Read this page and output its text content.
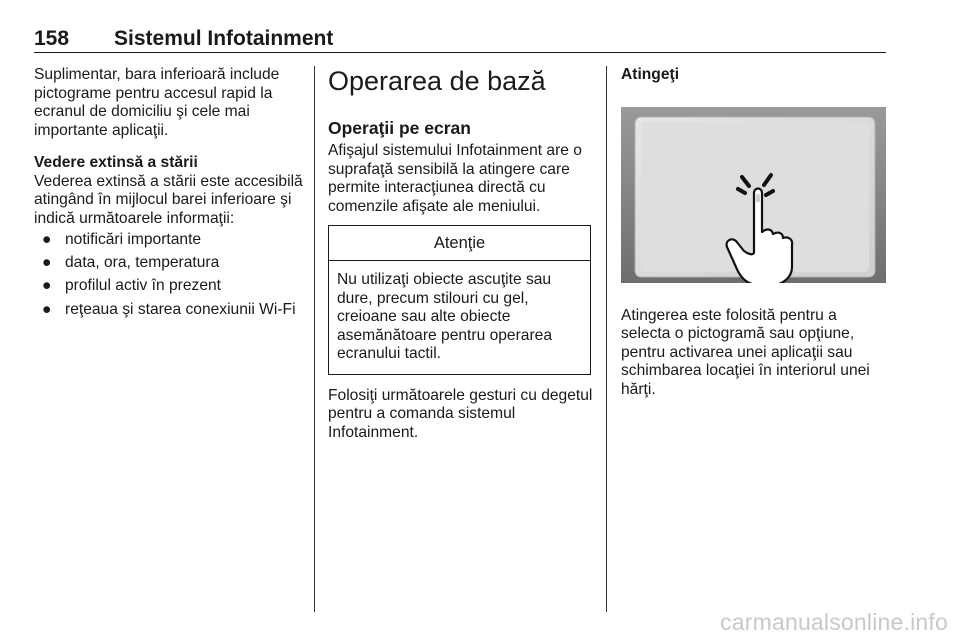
158 Sistemul Infotainment

Suplimentar, bara inferioară include pictograme pentru accesul rapid la ecranul de domiciliu şi cele mai importante aplicaţii.

Vedere extinsă a stării

Vederea extinsă a stării este accesibilă atingând în mijlocul barei inferioare şi indică următoarele informaţii:

● notificări importante
● data, ora, temperatura
● profilul activ în prezent
● reţeaua şi starea conexiunii Wi-Fi
Operarea de bază
Operaţii pe ecran

Afişajul sistemului Infotainment are o suprafaţă sensibilă la atingere care permite interacţiunea directă cu comenzile afişate ale meniului.

Atenţie
Nu utilizaţi obiecte ascuţite sau dure, precum stilouri cu gel, creioane sau alte obiecte asemănătoare pentru operarea ecranului tactil.

Folosiţi următoarele gesturi cu degetul pentru a comanda sistemul Infotainment.

Atingeţi

Atingerea este folosită pentru a selecta o pictogramă sau opţiune, pentru activarea unei aplicaţii sau schimbarea locaţiei în interiorul unei hărţi.

carmanualsonline.info
